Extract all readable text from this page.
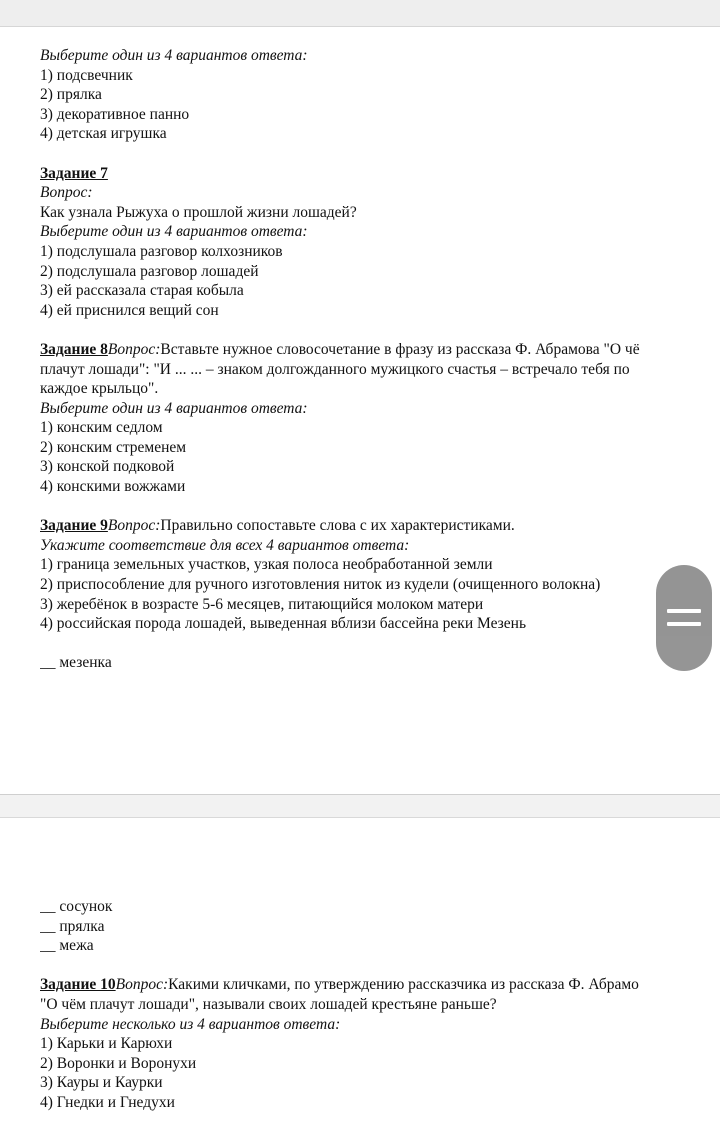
Выберите один из 4 вариантов ответа:
1) подсвечник
2) прялка
3) декоративное панно
4) детская игрушка
Задание 7
Вопрос:
Как узнала Рыжуха о прошлой жизни лошадей?
Выберите один из 4 вариантов ответа:
1) подслушала разговор колхозников
2) подслушала разговор лошадей
3) ей рассказала старая кобыла
4) ей приснился вещий сон
Задание 8Вопрос:Вставьте нужное словосочетание в фразу из рассказа Ф. Абрамова "О чё
плачут лошади": "И ... ... – знаком долгожданного мужицкого счастья – встречало тебя по
каждое крыльцо".
Выберите один из 4 вариантов ответа:
1) конским седлом
2) конским стременем
3) конской подковой
4) конскими вожжами
Задание 9Вопрос:Правильно сопоставьте слова с их характеристиками.
Укажите соответствие для всех 4 вариантов ответа:
1) граница земельных участков, узкая полоса необработанной земли
2) приспособление для ручного изготовления ниток из кудели (очищенного волокна)
3) жеребёнок в возрасте 5-6 месяцев, питающийся молоком матери
4) российская порода лошадей, выведенная вблизи бассейна реки Мезень
__ мезенка
__ сосунок
__ прялка
__ межа
Задание 10Вопрос:Какими кличками, по утверждению рассказчика из рассказа Ф. Абрамо
"О чём плачут лошади", называли своих лошадей крестьяне раньше?
Выберите несколько из 4 вариантов ответа:
1) Карьки и Карюхи
2) Воронки и Воронухи
3) Кауры и Каурки
4) Гнедки и Гнедухи
